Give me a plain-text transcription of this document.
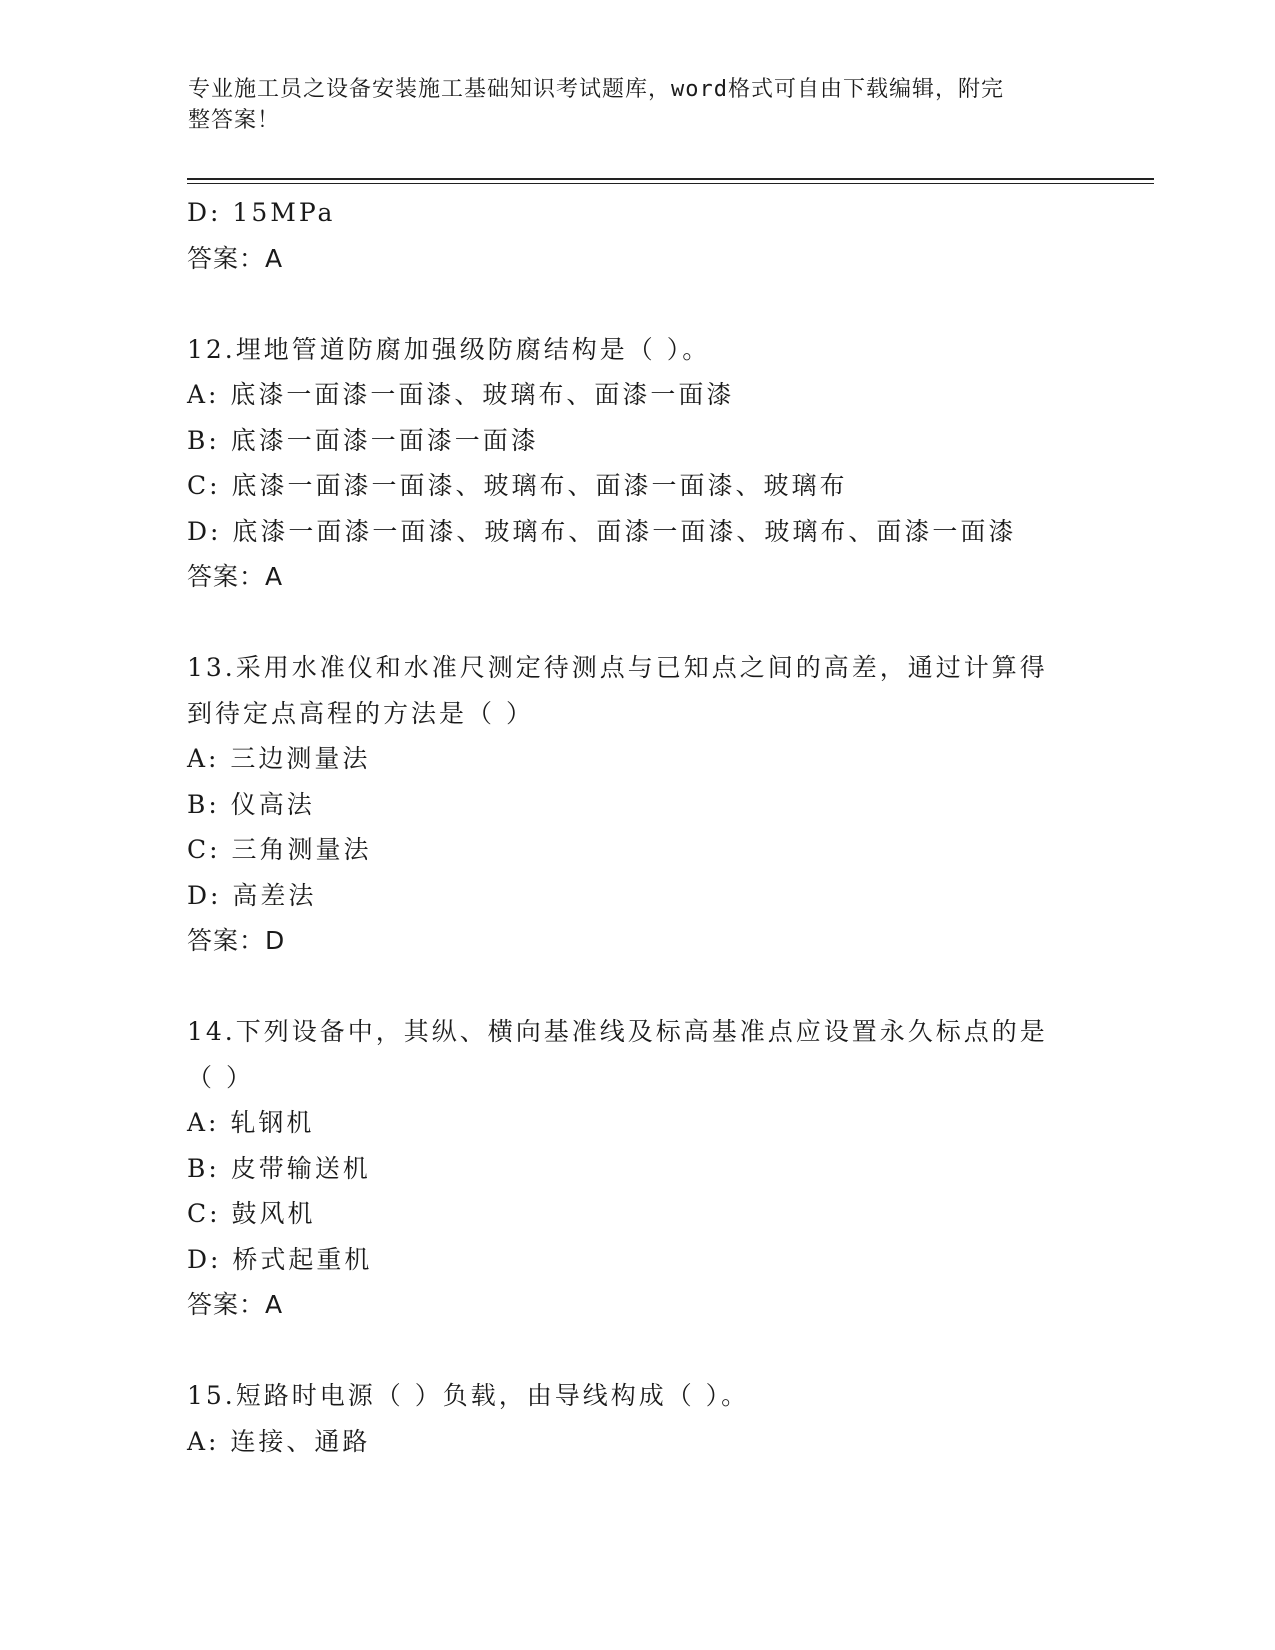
专业施工员之设备安装施工基础知识考试题库，word格式可自由下载编辑，附完
整答案！
D: 15MPa
答案：A
12.埋地管道防腐加强级防腐结构是（ ）。
A: 底漆一面漆一面漆、玻璃布、面漆一面漆
B: 底漆一面漆一面漆一面漆
C: 底漆一面漆一面漆、玻璃布、面漆一面漆、玻璃布
D: 底漆一面漆一面漆、玻璃布、面漆一面漆、玻璃布、面漆一面漆
答案：A
13.采用水准仪和水准尺测定待测点与已知点之间的高差，通过计算得
到待定点高程的方法是（ ）
A: 三边测量法
B: 仪高法
C: 三角测量法
D: 高差法
答案：D
14.下列设备中，其纵、横向基准线及标高基准点应设置永久标点的是
（ ）
A: 轧钢机
B: 皮带输送机
C: 鼓风机
D: 桥式起重机
答案：A
15.短路时电源（ ）负载，由导线构成（ ）。
A: 连接、通路
